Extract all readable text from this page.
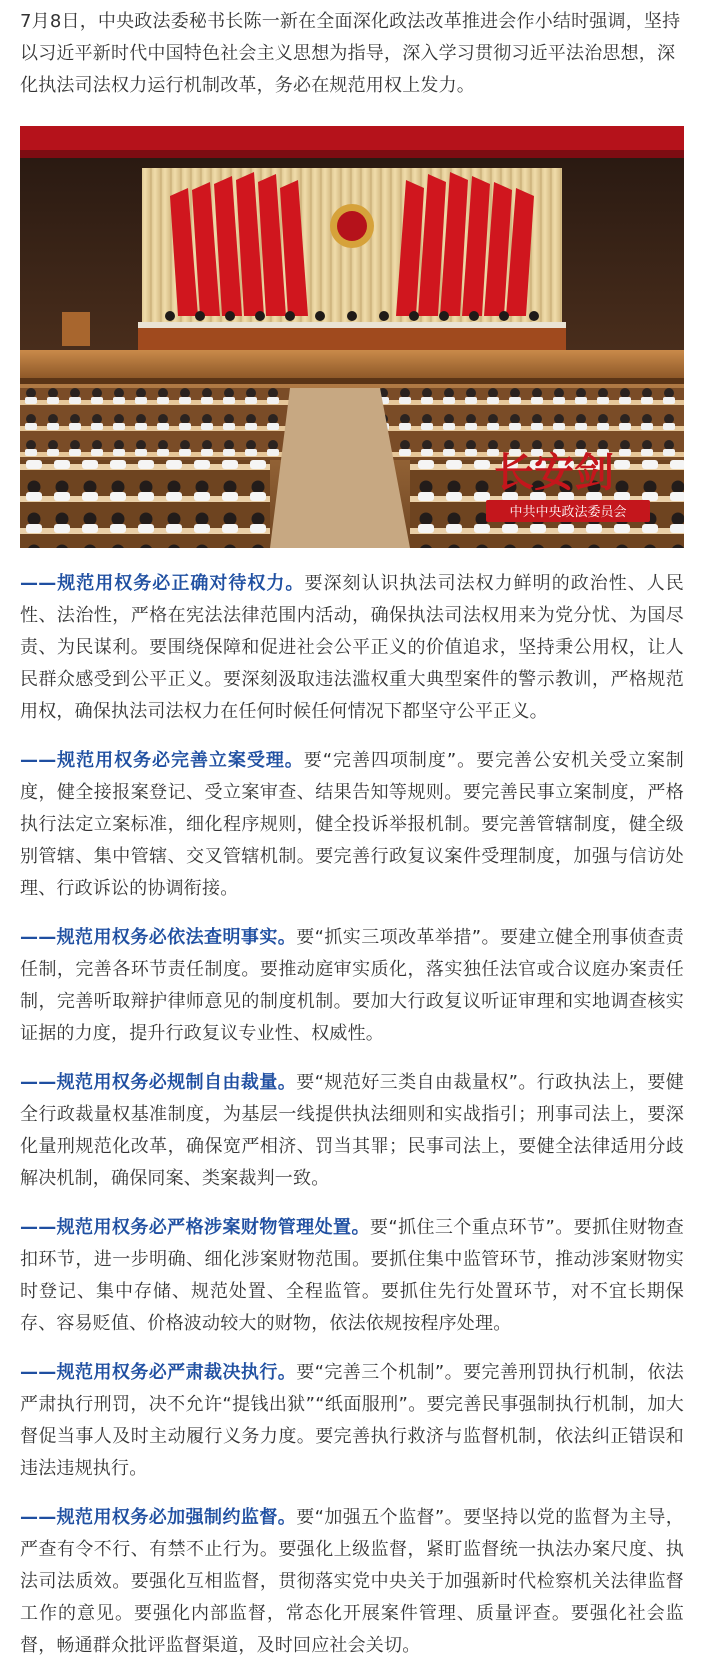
7月8日，中央政法委秘书长陈一新在全面深化政法改革推进会作小结时强调，坚持以习近平新时代中国特色社会主义思想为指导，深入学习贯彻习近平法治思想，深化执法司法权力运行机制改革，务必在规范用权上发力。

长安剑
中共中央政法委员会

——规范用权务必正确对待权力。要深刻认识执法司法权力鲜明的政治性、人民性、法治性，严格在宪法法律范围内活动，确保执法司法权用来为党分忧、为国尽责、为民谋利。要围绕保障和促进社会公平正义的价值追求，坚持秉公用权，让人民群众感受到公平正义。要深刻汲取违法滥权重大典型案件的警示教训，严格规范用权，确保执法司法权力在任何时候任何情况下都坚守公平正义。

——规范用权务必完善立案受理。要“完善四项制度”。要完善公安机关受立案制度，健全接报案登记、受立案审查、结果告知等规则。要完善民事立案制度，严格执行法定立案标准，细化程序规则，健全投诉举报机制。要完善管辖制度，健全级别管辖、集中管辖、交叉管辖机制。要完善行政复议案件受理制度，加强与信访处理、行政诉讼的协调衔接。

——规范用权务必依法查明事实。要“抓实三项改革举措”。要建立健全刑事侦查责任制，完善各环节责任制度。要推动庭审实质化，落实独任法官或合议庭办案责任制，完善听取辩护律师意见的制度机制。要加大行政复议听证审理和实地调查核实证据的力度，提升行政复议专业性、权威性。

——规范用权务必规制自由裁量。要“规范好三类自由裁量权”。行政执法上，要健全行政裁量权基准制度，为基层一线提供执法细则和实战指引；刑事司法上，要深化量刑规范化改革，确保宽严相济、罚当其罪；民事司法上，要健全法律适用分歧解决机制，确保同案、类案裁判一致。

——规范用权务必严格涉案财物管理处置。要“抓住三个重点环节”。要抓住财物查扣环节，进一步明确、细化涉案财物范围。要抓住集中监管环节，推动涉案财物实时登记、集中存储、规范处置、全程监管。要抓住先行处置环节，对不宜长期保存、容易贬值、价格波动较大的财物，依法依规按程序处理。

——规范用权务必严肃裁决执行。要“完善三个机制”。要完善刑罚执行机制，依法严肃执行刑罚，决不允许“提钱出狱”“纸面服刑”。要完善民事强制执行机制，加大督促当事人及时主动履行义务力度。要完善执行救济与监督机制，依法纠正错误和违法违规执行。

——规范用权务必加强制约监督。要“加强五个监督”。要坚持以党的监督为主导，严查有令不行、有禁不止行为。要强化上级监督，紧盯监督统一执法办案尺度、执法司法质效。要强化互相监督，贯彻落实党中央关于加强新时代检察机关法律监督工作的意见。要强化内部监督，常态化开展案件管理、质量评查。要强化社会监督，畅通群众批评监督渠道，及时回应社会关切。
